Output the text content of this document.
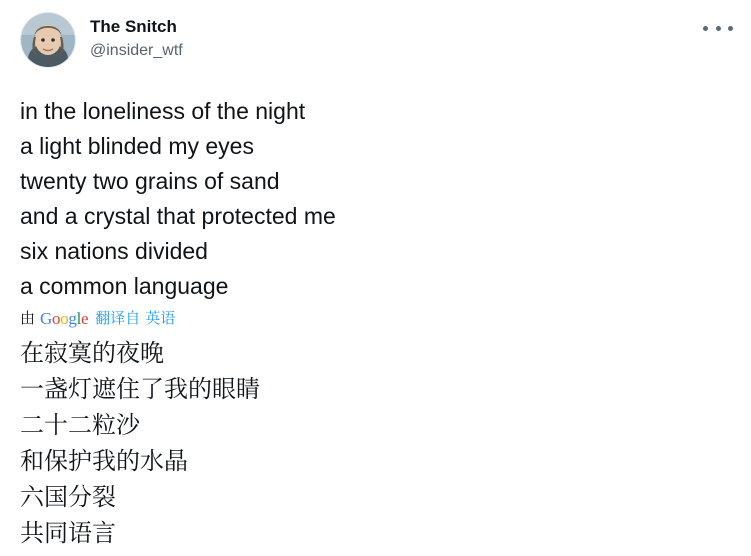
The Snitch
@insider_wtf
in the loneliness of the night
a light blinded my eyes
twenty two grains of sand
and a crystal that protected me
six nations divided
a common language
由 Google 翻译自 英语
在寂寞的夜晚
一盏灯遮住了我的眼睛
二十二粒沙
和保护我的水晶
六国分裂
共同语言
